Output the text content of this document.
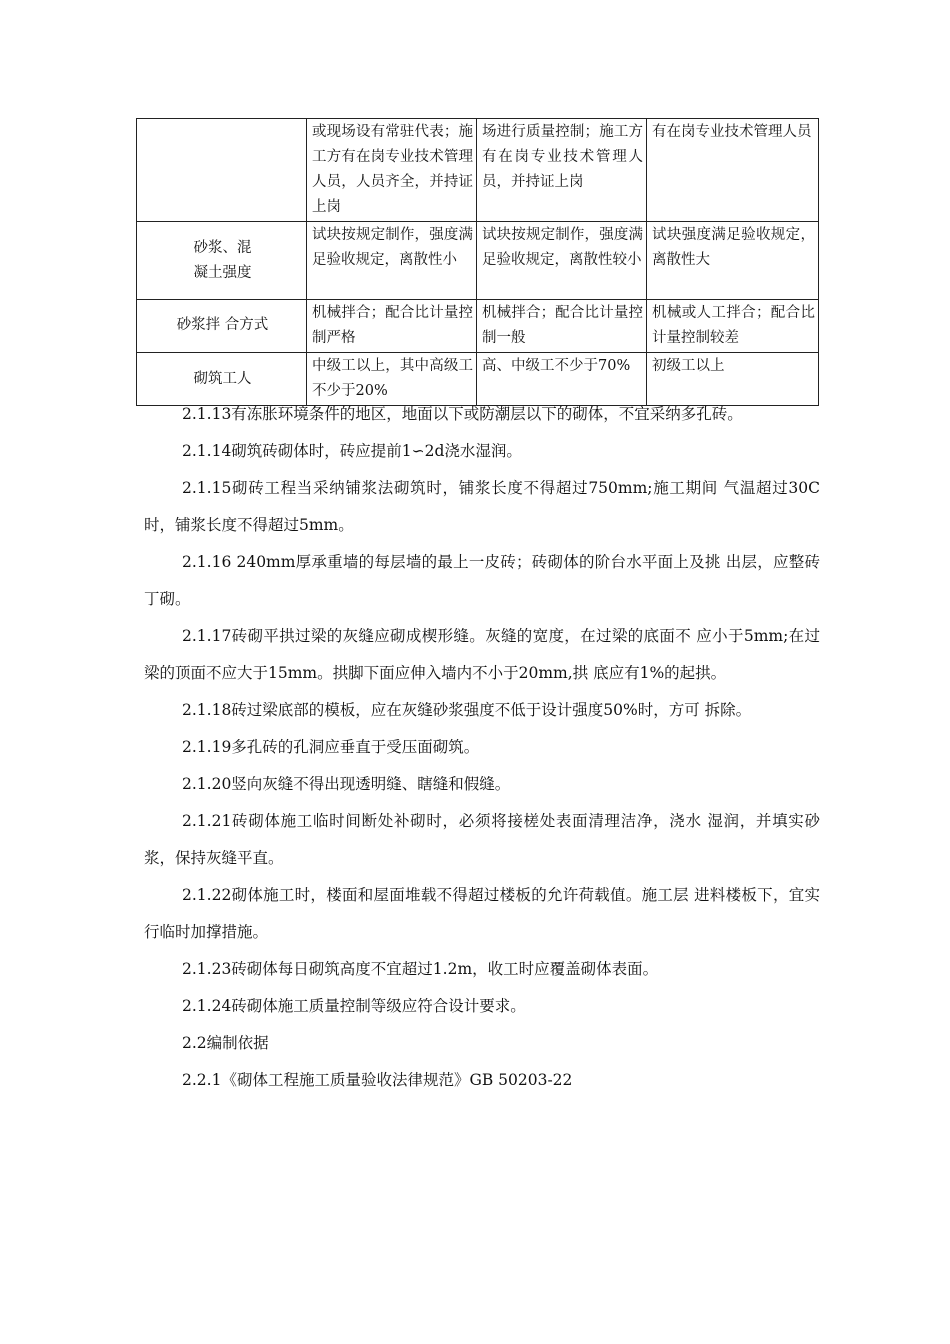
	或现场设有常驻代表；施工方有在岗专业技术管理人员，人员齐全，并持证上岗	场进行质量控制；施工方有在岗专业技术管理人员，并持证上岗	有在岗专业技术管理人员
砂浆、混
凝土强度	试块按规定制作，强度满足验收规定，离散性小	试块按规定制作，强度满足验收规定，离散性较小	试块强度满足验收规定，离散性大
砂浆拌 合方式	机械拌合；配合比计量控制严格	机械拌合；配合比计量控制一般	机械或人工拌合；配合比计量控制较差
砌筑工人	中级工以上，其中高级工不少于20%	高、中级工不少于70%	初级工以上

2.1.13有冻胀环境条件的地区，地面以下或防潮层以下的砌体，不宜采纳多孔砖。

2.1.14砌筑砖砌体时，砖应提前1∽2d浇水湿润。

2.1.15砌砖工程当采纳铺浆法砌筑时，铺浆长度不得超过750mm;施工期间 气温超过30C时，铺浆长度不得超过5mm。

2.1.16 240mm厚承重墙的每层墙的最上一皮砖；砖砌体的阶台水平面上及挑 出层，应整砖丁砌。

2.1.17砖砌平拱过梁的灰缝应砌成楔形缝。灰缝的宽度，在过梁的底面不 应小于5mm;在过梁的顶面不应大于15mm。拱脚下面应伸入墙内不小于20mm,拱 底应有1%的起拱。

2.1.18砖过梁底部的模板，应在灰缝砂浆强度不低于设计强度50%时，方可 拆除。

2.1.19多孔砖的孔洞应垂直于受压面砌筑。

2.1.20竖向灰缝不得出现透明缝、瞎缝和假缝。

2.1.21砖砌体施工临时间断处补砌时，必须将接槎处表面清理洁净，浇水 湿润，并填实砂浆，保持灰缝平直。

2.1.22砌体施工时，楼面和屋面堆载不得超过楼板的允许荷载值。施工层 进料楼板下，宜实行临时加撑措施。

2.1.23砖砌体每日砌筑高度不宜超过1.2m，收工时应覆盖砌体表面。

2.1.24砖砌体施工质量控制等级应符合设计要求。

2.2编制依据

2.2.1《砌体工程施工质量验收法律规范》GB 50203-22
